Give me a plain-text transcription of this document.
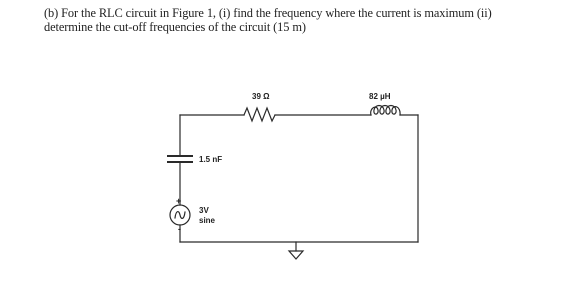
(b) For the RLC circuit in Figure 1, (i) find the frequency where the current is maximum (ii)
determine the cut-off frequencies of the circuit (15 m)
39 Ω	82 µH
1.5 nF
3V
sine
+
-
